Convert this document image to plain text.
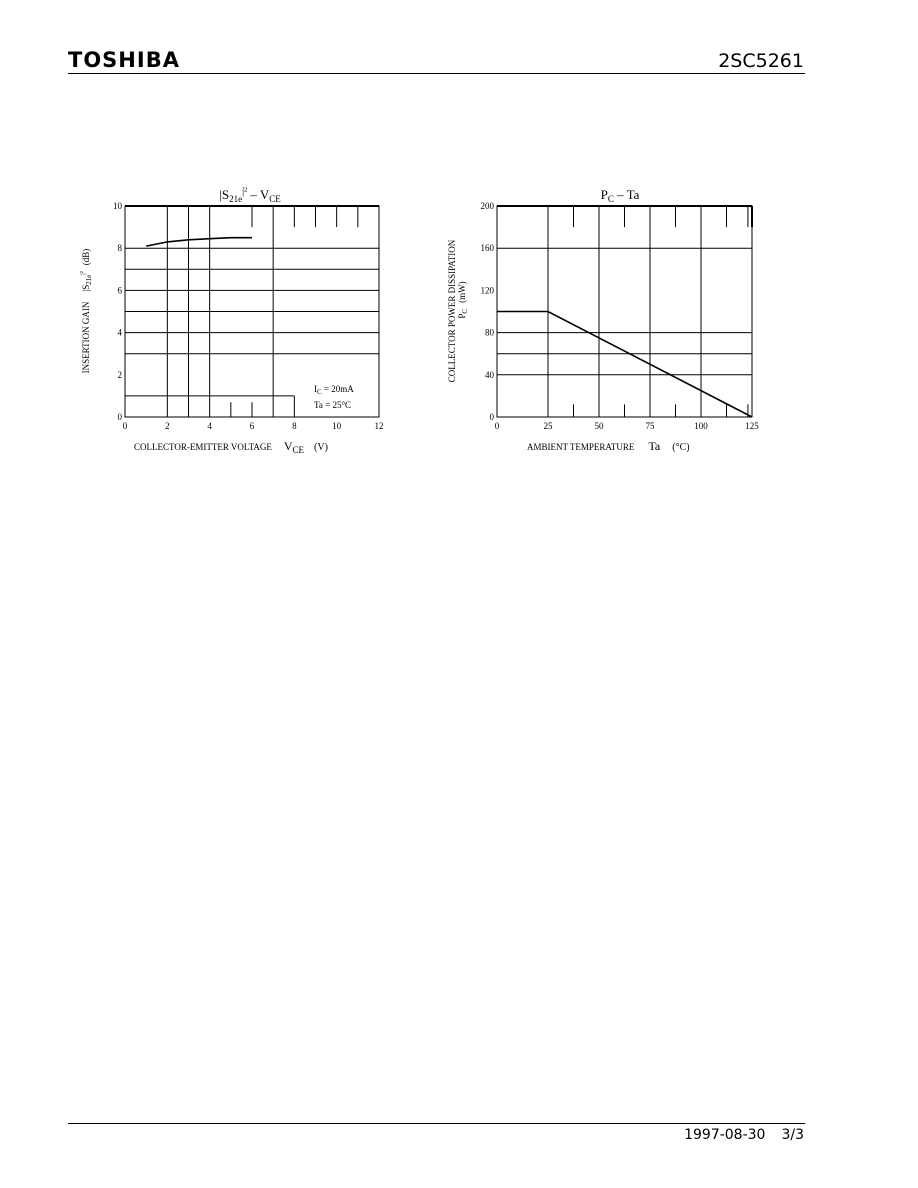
TOSHIBA	2SC5261
0	2	4	6	8	10	12
0
2
4
6
8
10
$|S_{21e}^{|^2} - V_{CE}$
COLLECTOR-EMITTER VOLTAGE VCE (V)
INSERTION $GAIN|S_{21e}^{|^2}(dB)$
$I_C = 20mA$
Ta = 25°C
0	25	50	75	100	125
0
40
80
120
160
200
$P_C$ – Ta
AMBIENT TEMPERATURE Ta (°C)
COLLECTOR POWER DISSIPATION $P_C(mW)$
1997-08-30 3/3
